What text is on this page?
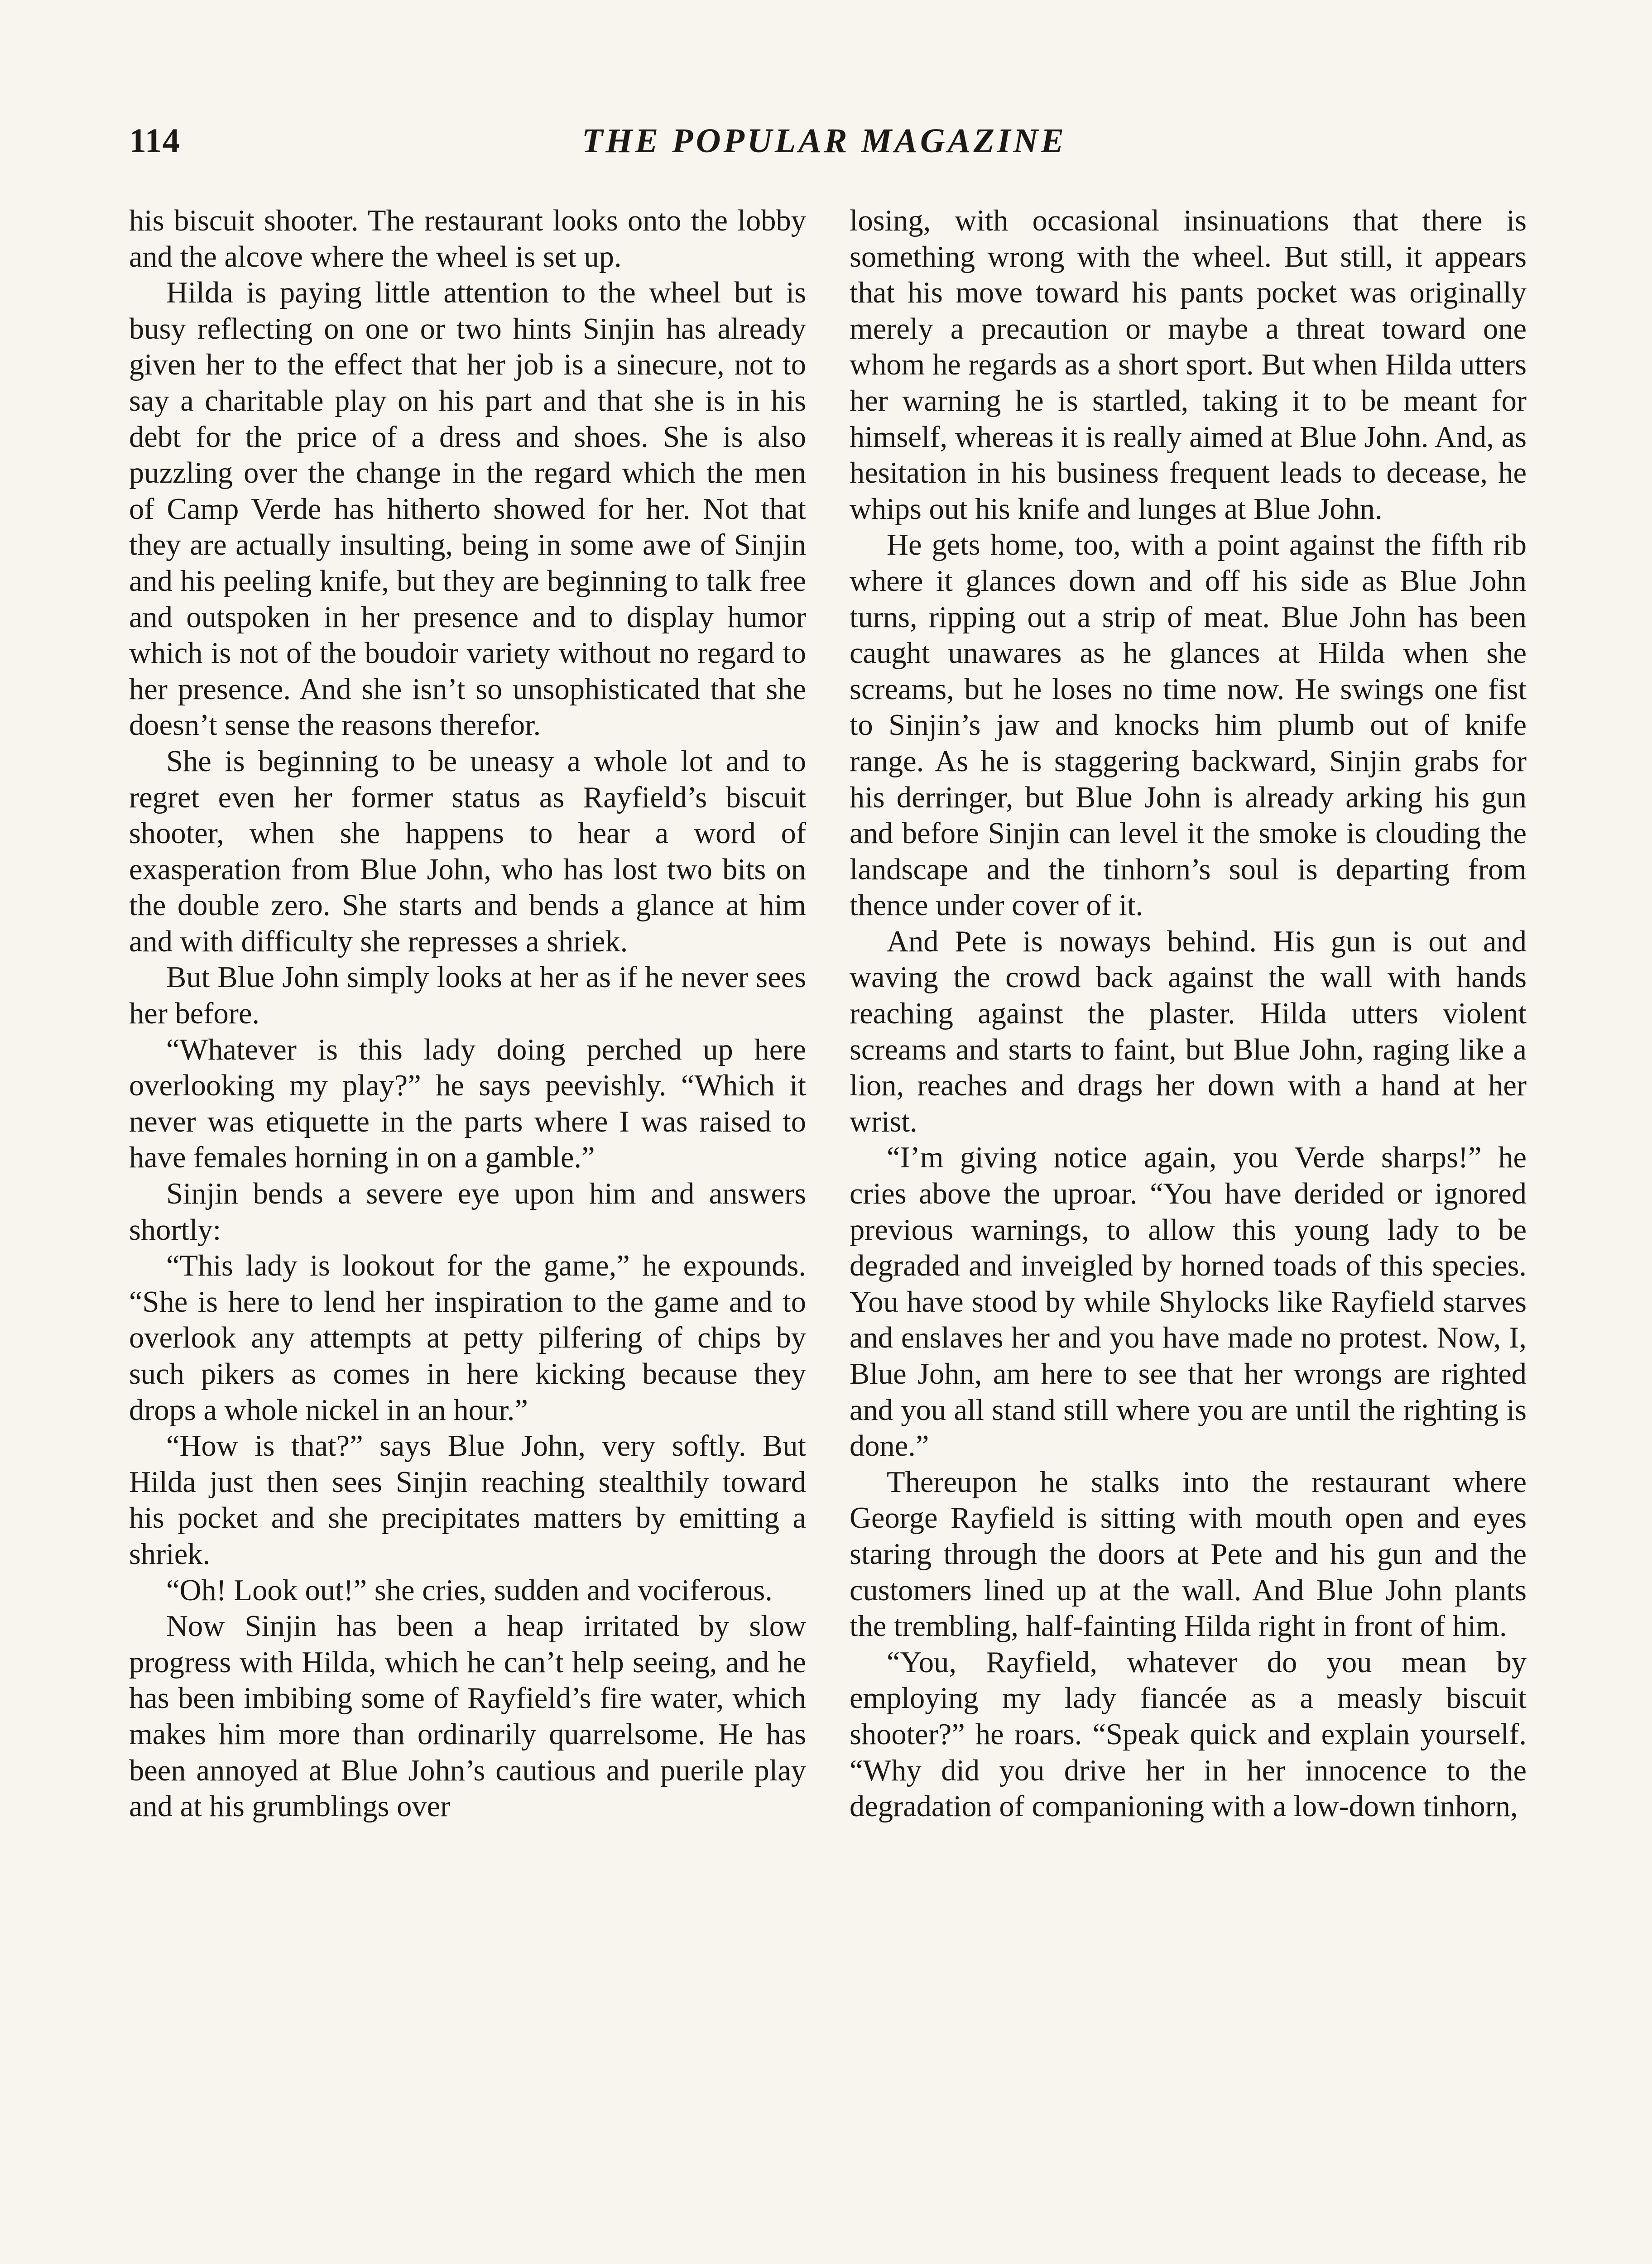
114	THE POPULAR MAGAZINE

his biscuit shooter. The restaurant looks onto the lobby and the alcove where the wheel is set up.

Hilda is paying little attention to the wheel but is busy reflecting on one or two hints Sinjin has already given her to the effect that her job is a sinecure, not to say a charitable play on his part and that she is in his debt for the price of a dress and shoes. She is also puzzling over the change in the regard which the men of Camp Verde has hitherto showed for her. Not that they are actually insulting, being in some awe of Sinjin and his peeling knife, but they are beginning to talk free and outspoken in her presence and to display humor which is not of the boudoir variety without no regard to her presence. And she isn’t so unsophisticated that she doesn’t sense the reasons therefor.

She is beginning to be uneasy a whole lot and to regret even her former status as Rayfield’s biscuit shooter, when she happens to hear a word of exasperation from Blue John, who has lost two bits on the double zero. She starts and bends a glance at him and with difficulty she represses a shriek.

But Blue John simply looks at her as if he never sees her before.

“Whatever is this lady doing perched up here overlooking my play?” he says peevishly. “Which it never was etiquette in the parts where I was raised to have females horning in on a gamble.”

Sinjin bends a severe eye upon him and answers shortly:

“This lady is lookout for the game,” he expounds. “She is here to lend her inspiration to the game and to overlook any attempts at petty pilfering of chips by such pikers as comes in here kicking because they drops a whole nickel in an hour.”

“How is that?” says Blue John, very softly. But Hilda just then sees Sinjin reaching stealthily toward his pocket and she precipitates matters by emitting a shriek.

“Oh! Look out!” she cries, sudden and vociferous.

Now Sinjin has been a heap irritated by slow progress with Hilda, which he can’t help seeing, and he has been imbibing some of Rayfield’s fire water, which makes him more than ordinarily quarrelsome. He has been annoyed at Blue John’s cautious and puerile play and at his grumblings over

losing, with occasional insinuations that there is something wrong with the wheel. But still, it appears that his move toward his pants pocket was originally merely a precaution or maybe a threat toward one whom he regards as a short sport. But when Hilda utters her warning he is startled, taking it to be meant for himself, whereas it is really aimed at Blue John. And, as hesitation in his business frequent leads to decease, he whips out his knife and lunges at Blue John.

He gets home, too, with a point against the fifth rib where it glances down and off his side as Blue John turns, ripping out a strip of meat. Blue John has been caught unawares as he glances at Hilda when she screams, but he loses no time now. He swings one fist to Sinjin’s jaw and knocks him plumb out of knife range. As he is staggering backward, Sinjin grabs for his derringer, but Blue John is already arking his gun and before Sinjin can level it the smoke is clouding the landscape and the tinhorn’s soul is departing from thence under cover of it.

And Pete is noways behind. His gun is out and waving the crowd back against the wall with hands reaching against the plaster. Hilda utters violent screams and starts to faint, but Blue John, raging like a lion, reaches and drags her down with a hand at her wrist.

“I’m giving notice again, you Verde sharps!” he cries above the uproar. “You have derided or ignored previous warnings, to allow this young lady to be degraded and inveigled by horned toads of this species. You have stood by while Shylocks like Rayfield starves and enslaves her and you have made no protest. Now, I, Blue John, am here to see that her wrongs are righted and you all stand still where you are until the righting is done.”

Thereupon he stalks into the restaurant where George Rayfield is sitting with mouth open and eyes staring through the doors at Pete and his gun and the customers lined up at the wall. And Blue John plants the trembling, half-fainting Hilda right in front of him.

“You, Rayfield, whatever do you mean by employing my lady fiancée as a measly biscuit shooter?” he roars. “Speak quick and explain yourself. “Why did you drive her in her innocence to the degradation of companioning with a low-down tinhorn,
